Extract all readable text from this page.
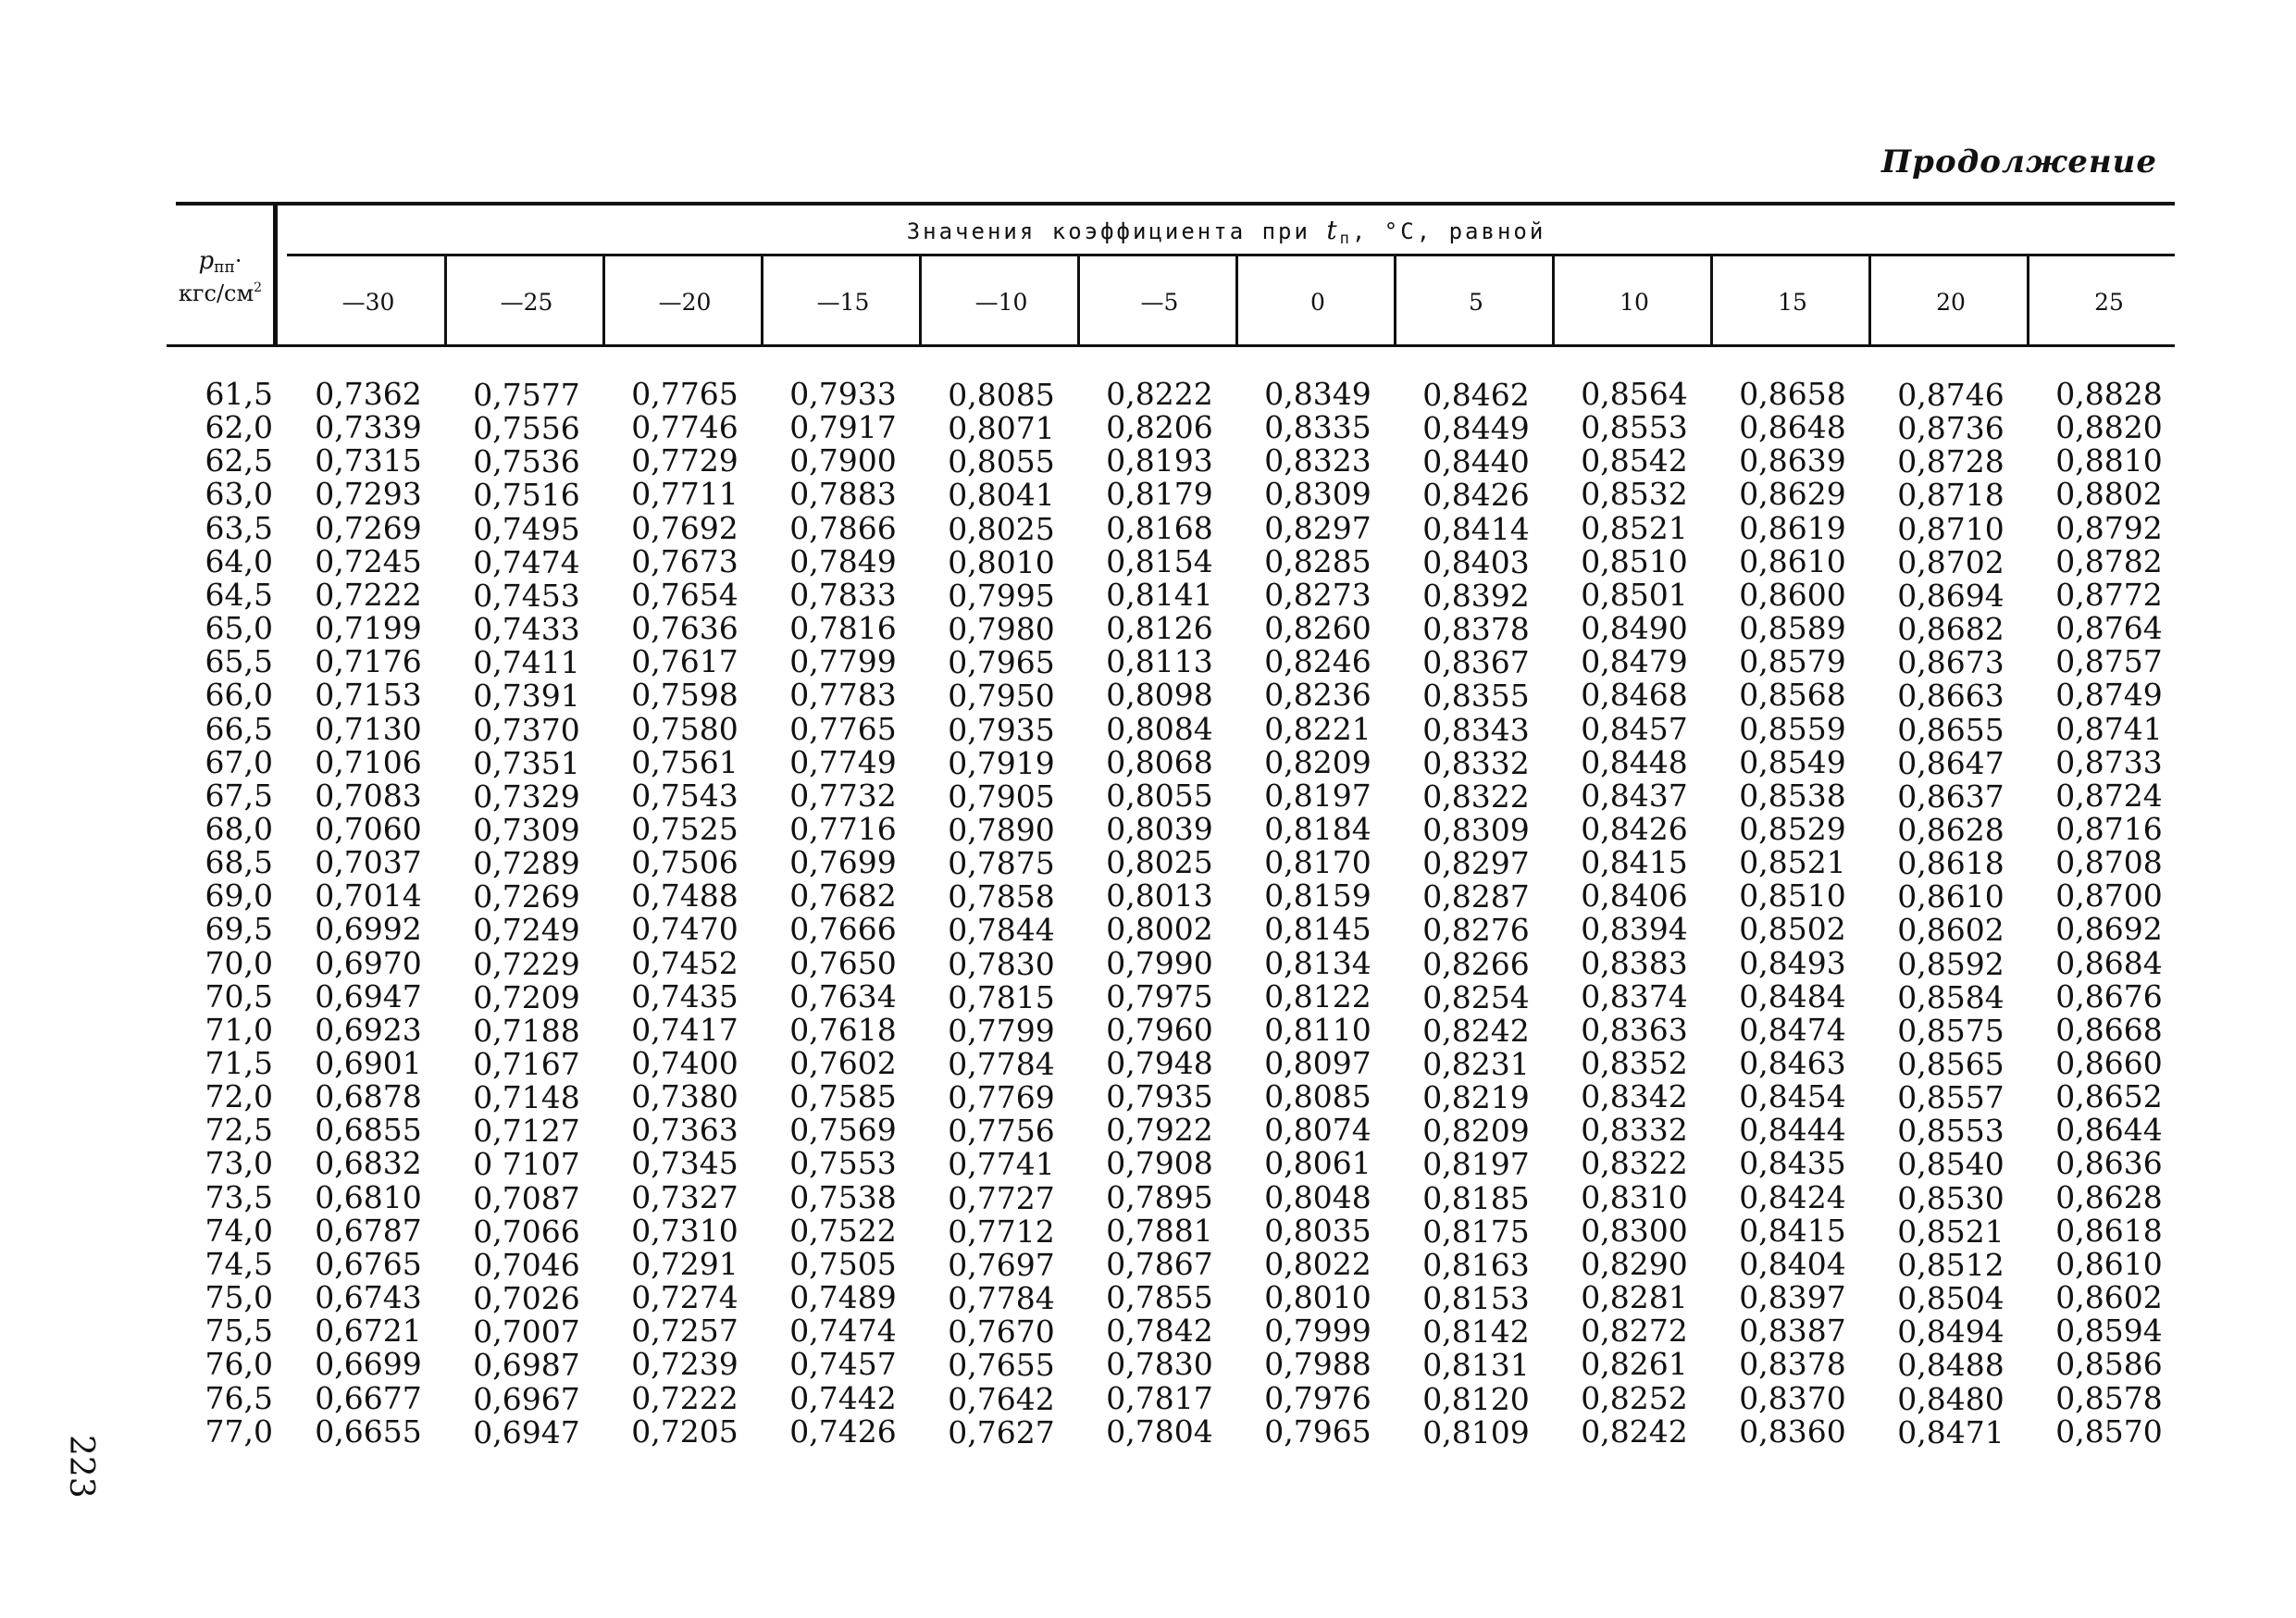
Продолжение
$p_{пп}\cdot$
кгс/$см^2$
Значения коэффициента при $t_п$, °С, равной
—30	—25	—20	—15	—10	—5	0	5	10	15	20	25
61,5	0,7362	0,7577	0,7765	0,7933	0,8085	0,8222	0,8349	0,8462	0,8564	0,8658	0,8746	0,8828
62,0	0,7339	0,7556	0,7746	0,7917	0,8071	0,8206	0,8335	0,8449	0,8553	0,8648	0,8736	0,8820
62,5	0,7315	0,7536	0,7729	0,7900	0,8055	0,8193	0,8323	0,8440	0,8542	0,8639	0,8728	0,8810
63,0	0,7293	0,7516	0,7711	0,7883	0,8041	0,8179	0,8309	0,8426	0,8532	0,8629	0,8718	0,8802
63,5	0,7269	0,7495	0,7692	0,7866	0,8025	0,8168	0,8297	0,8414	0,8521	0,8619	0,8710	0,8792
64,0	0,7245	0,7474	0,7673	0,7849	0,8010	0,8154	0,8285	0,8403	0,8510	0,8610	0,8702	0,8782
64,5	0,7222	0,7453	0,7654	0,7833	0,7995	0,8141	0,8273	0,8392	0,8501	0,8600	0,8694	0,8772
65,0	0,7199	0,7433	0,7636	0,7816	0,7980	0,8126	0,8260	0,8378	0,8490	0,8589	0,8682	0,8764
65,5	0,7176	0,7411	0,7617	0,7799	0,7965	0,8113	0,8246	0,8367	0,8479	0,8579	0,8673	0,8757
66,0	0,7153	0,7391	0,7598	0,7783	0,7950	0,8098	0,8236	0,8355	0,8468	0,8568	0,8663	0,8749
66,5	0,7130	0,7370	0,7580	0,7765	0,7935	0,8084	0,8221	0,8343	0,8457	0,8559	0,8655	0,8741
67,0	0,7106	0,7351	0,7561	0,7749	0,7919	0,8068	0,8209	0,8332	0,8448	0,8549	0,8647	0,8733
67,5	0,7083	0,7329	0,7543	0,7732	0,7905	0,8055	0,8197	0,8322	0,8437	0,8538	0,8637	0,8724
68,0	0,7060	0,7309	0,7525	0,7716	0,7890	0,8039	0,8184	0,8309	0,8426	0,8529	0,8628	0,8716
68,5	0,7037	0,7289	0,7506	0,7699	0,7875	0,8025	0,8170	0,8297	0,8415	0,8521	0,8618	0,8708
69,0	0,7014	0,7269	0,7488	0,7682	0,7858	0,8013	0,8159	0,8287	0,8406	0,8510	0,8610	0,8700
69,5	0,6992	0,7249	0,7470	0,7666	0,7844	0,8002	0,8145	0,8276	0,8394	0,8502	0,8602	0,8692
70,0	0,6970	0,7229	0,7452	0,7650	0,7830	0,7990	0,8134	0,8266	0,8383	0,8493	0,8592	0,8684
70,5	0,6947	0,7209	0,7435	0,7634	0,7815	0,7975	0,8122	0,8254	0,8374	0,8484	0,8584	0,8676
71,0	0,6923	0,7188	0,7417	0,7618	0,7799	0,7960	0,8110	0,8242	0,8363	0,8474	0,8575	0,8668
71,5	0,6901	0,7167	0,7400	0,7602	0,7784	0,7948	0,8097	0,8231	0,8352	0,8463	0,8565	0,8660
72,0	0,6878	0,7148	0,7380	0,7585	0,7769	0,7935	0,8085	0,8219	0,8342	0,8454	0,8557	0,8652
72,5	0,6855	0,7127	0,7363	0,7569	0,7756	0,7922	0,8074	0,8209	0,8332	0,8444	0,8553	0,8644
73,0	0,6832	0 7107	0,7345	0,7553	0,7741	0,7908	0,8061	0,8197	0,8322	0,8435	0,8540	0,8636
73,5	0,6810	0,7087	0,7327	0,7538	0,7727	0,7895	0,8048	0,8185	0,8310	0,8424	0,8530	0,8628
74,0	0,6787	0,7066	0,7310	0,7522	0,7712	0,7881	0,8035	0,8175	0,8300	0,8415	0,8521	0,8618
74,5	0,6765	0,7046	0,7291	0,7505	0,7697	0,7867	0,8022	0,8163	0,8290	0,8404	0,8512	0,8610
75,0	0,6743	0,7026	0,7274	0,7489	0,7784	0,7855	0,8010	0,8153	0,8281	0,8397	0,8504	0,8602
75,5	0,6721	0,7007	0,7257	0,7474	0,7670	0,7842	0,7999	0,8142	0,8272	0,8387	0,8494	0,8594
76,0	0,6699	0,6987	0,7239	0,7457	0,7655	0,7830	0,7988	0,8131	0,8261	0,8378	0,8488	0,8586
76,5	0,6677	0,6967	0,7222	0,7442	0,7642	0,7817	0,7976	0,8120	0,8252	0,8370	0,8480	0,8578
77,0	0,6655	0,6947	0,7205	0,7426	0,7627	0,7804	0,7965	0,8109	0,8242	0,8360	0,8471	0,8570
223
